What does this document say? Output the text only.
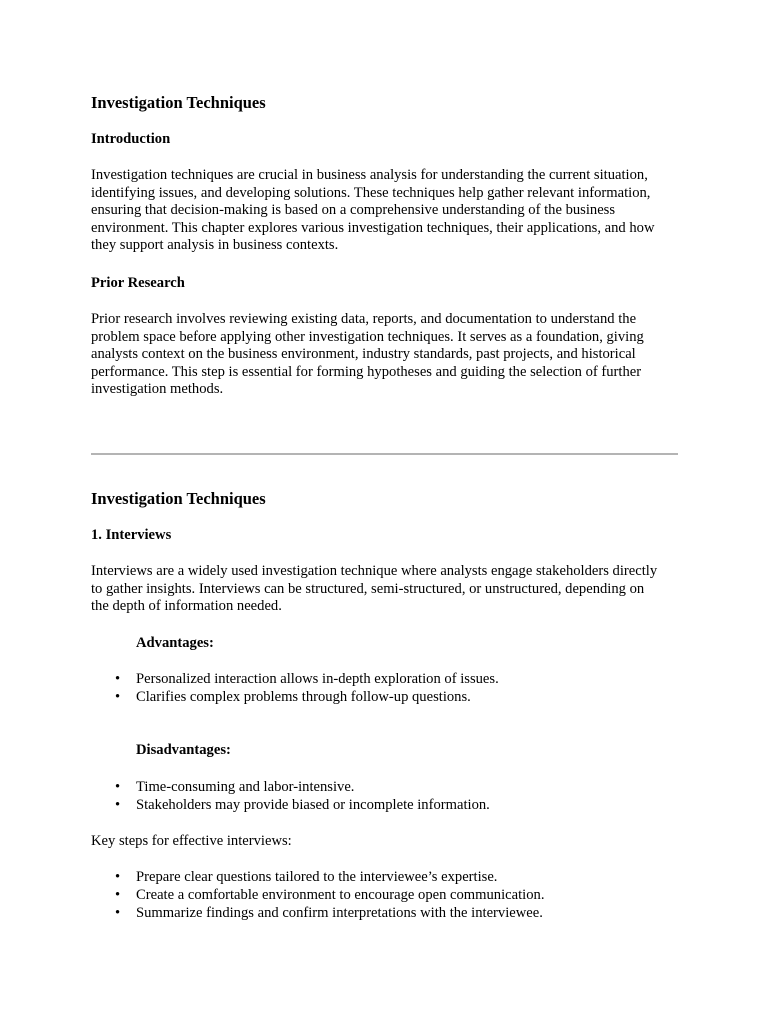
Investigation Techniques
Introduction
Investigation techniques are crucial in business analysis for understanding the current situation,
identifying issues, and developing solutions. These techniques help gather relevant information,
ensuring that decision-making is based on a comprehensive understanding of the business
environment. This chapter explores various investigation techniques, their applications, and how
they support analysis in business contexts.
Prior Research
Prior research involves reviewing existing data, reports, and documentation to understand the
problem space before applying other investigation techniques. It serves as a foundation, giving
analysts context on the business environment, industry standards, past projects, and historical
performance. This step is essential for forming hypotheses and guiding the selection of further
investigation methods.
Investigation Techniques
1. Interviews
Interviews are a widely used investigation technique where analysts engage stakeholders directly
to gather insights. Interviews can be structured, semi-structured, or unstructured, depending on
the depth of information needed.
Advantages:
• Personalized interaction allows in-depth exploration of issues.
• Clarifies complex problems through follow-up questions.
Disadvantages:
• Time-consuming and labor-intensive.
• Stakeholders may provide biased or incomplete information.
Key steps for effective interviews:
• Prepare clear questions tailored to the interviewee’s expertise.
• Create a comfortable environment to encourage open communication.
• Summarize findings and confirm interpretations with the interviewee.
